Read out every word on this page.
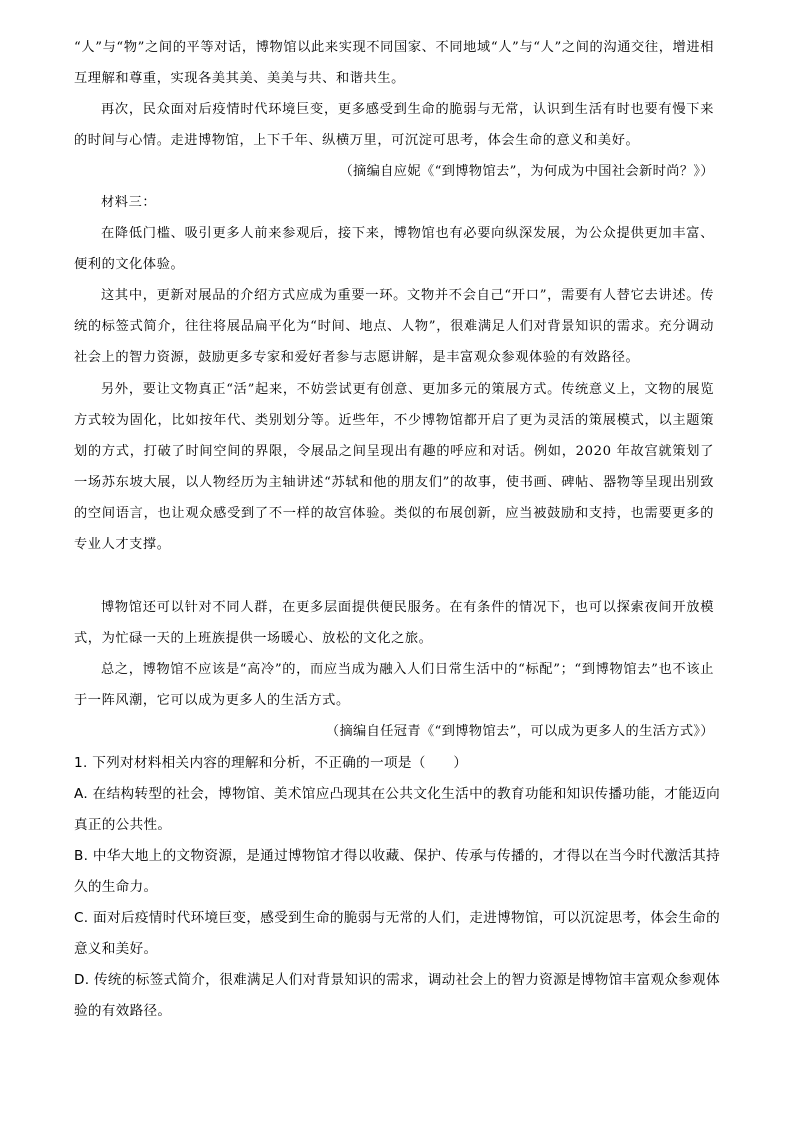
“人”与“物”之间的平等对话，博物馆以此来实现不同国家、不同地域“人”与“人”之间的沟通交往，增进相互理解和尊重，实现各美其美、美美与共、和谐共生。

再次，民众面对后疫情时代环境巨变，更多感受到生命的脆弱与无常，认识到生活有时也要有慢下来的时间与心情。走进博物馆，上下千年、纵横万里，可沉淀可思考，体会生命的意义和美好。

（摘编自应妮《“到博物馆去”，为何成为中国社会新时尚？》）

材料三：

在降低门槛、吸引更多人前来参观后，接下来，博物馆也有必要向纵深发展，为公众提供更加丰富、便利的文化体验。

这其中，更新对展品的介绍方式应成为重要一环。文物并不会自己“开口”，需要有人替它去讲述。传统的标签式简介，往往将展品扁平化为“时间、地点、人物”，很难满足人们对背景知识的需求。充分调动社会上的智力资源，鼓励更多专家和爱好者参与志愿讲解，是丰富观众参观体验的有效路径。

另外，要让文物真正“活”起来，不妨尝试更有创意、更加多元的策展方式。传统意义上，文物的展览方式较为固化，比如按年代、类别划分等。近些年，不少博物馆都开启了更为灵活的策展模式，以主题策划的方式，打破了时间空间的界限，令展品之间呈现出有趣的呼应和对话。例如，2020 年故宫就策划了一场苏东坡大展，以人物经历为主轴讲述“苏轼和他的朋友们”的故事，使书画、碑帖、器物等呈现出别致的空间语言，也让观众感受到了不一样的故宫体验。类似的布展创新，应当被鼓励和支持，也需要更多的专业人才支撑。

博物馆还可以针对不同人群，在更多层面提供便民服务。在有条件的情况下，也可以探索夜间开放模式，为忙碌一天的上班族提供一场暖心、放松的文化之旅。

总之，博物馆不应该是“高冷”的，而应当成为融入人们日常生活中的“标配”；“到博物馆去”也不该止于一阵风潮，它可以成为更多人的生活方式。

（摘编自任冠青《“到博物馆去”，可以成为更多人的生活方式》）

1. 下列对材料相关内容的理解和分析，不正确的一项是（　　）

A. 在结构转型的社会，博物馆、美术馆应凸现其在公共文化生活中的教育功能和知识传播功能，才能迈向真正的公共性。

B. 中华大地上的文物资源，是通过博物馆才得以收藏、保护、传承与传播的，才得以在当今时代激活其持久的生命力。

C. 面对后疫情时代环境巨变，感受到生命的脆弱与无常的人们，走进博物馆，可以沉淀思考，体会生命的意义和美好。

D. 传统的标签式简介，很难满足人们对背景知识的需求，调动社会上的智力资源是博物馆丰富观众参观体验的有效路径。
